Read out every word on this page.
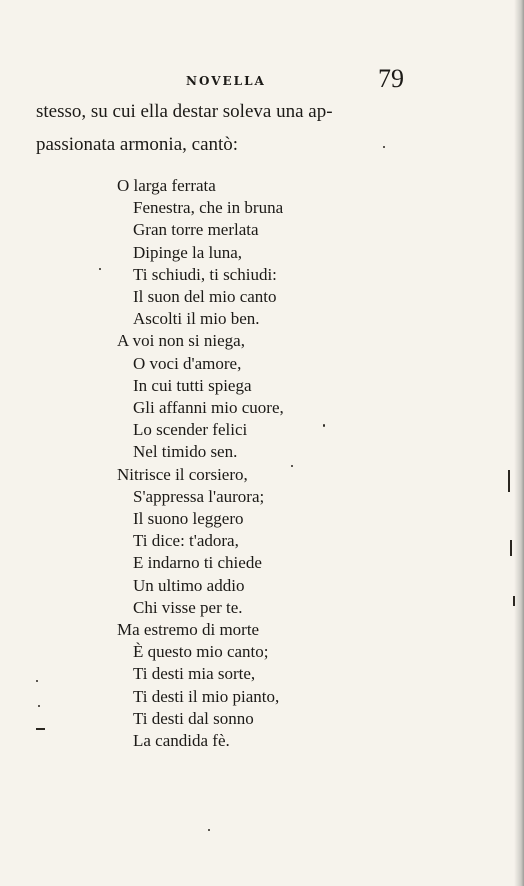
NOVELLA	79
stesso, su cui ella destar soleva una ap-
passionata armonia, cantò:
O larga ferrata
Fenestra, che in bruna
Gran torre merlata
Dipinge la luna,
Ti schiudi, ti schiudi:
Il suon del mio canto
Ascolti il mio ben.
A voi non si niega,
O voci d'amore,
In cui tutti spiega
Gli affanni mio cuore,
Lo scender felici
Nel timido sen.
Nitrisce il corsiero,
S'appressa l'aurora;
Il suono leggero
Ti dice: t'adora,
E indarno ti chiede
Un ultimo addio
Chi visse per te.
Ma estremo di morte
È questo mio canto;
Ti desti mia sorte,
Ti desti il mio pianto,
Ti desti dal sonno
La candida fè.
